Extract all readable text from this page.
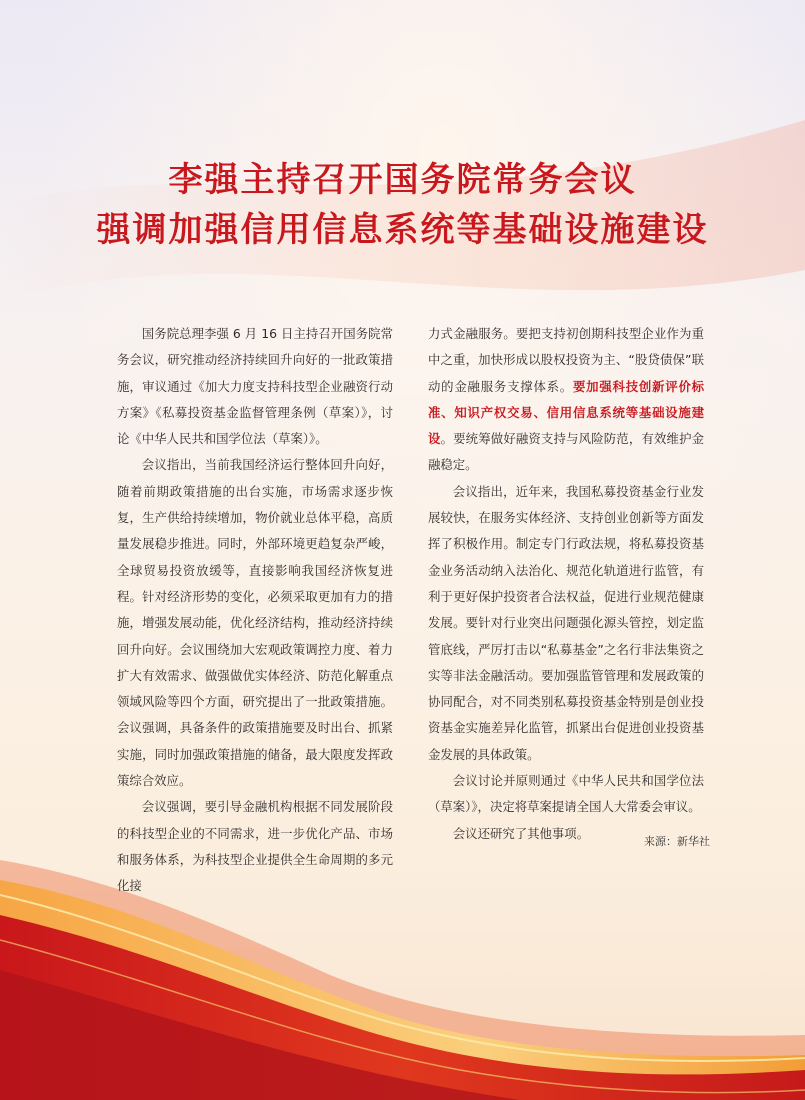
李强主持召开国务院常务会议
强调加强信用信息系统等基础设施建设

国务院总理李强 6 月 16 日主持召开国务院常务会议，研究推动经济持续回升向好的一批政策措施，审议通过《加大力度支持科技型企业融资行动方案》《私募投资基金监督管理条例（草案）》，讨论《中华人民共和国学位法（草案）》。

会议指出，当前我国经济运行整体回升向好，随着前期政策措施的出台实施，市场需求逐步恢复，生产供给持续增加，物价就业总体平稳，高质量发展稳步推进。同时，外部环境更趋复杂严峻，全球贸易投资放缓等，直接影响我国经济恢复进程。针对经济形势的变化，必须采取更加有力的措施，增强发展动能，优化经济结构，推动经济持续回升向好。会议围绕加大宏观政策调控力度、着力扩大有效需求、做强做优实体经济、防范化解重点领域风险等四个方面，研究提出了一批政策措施。会议强调，具备条件的政策措施要及时出台、抓紧实施，同时加强政策措施的储备，最大限度发挥政策综合效应。

会议强调，要引导金融机构根据不同发展阶段的科技型企业的不同需求，进一步优化产品、市场和服务体系，为科技型企业提供全生命周期的多元化接

力式金融服务。要把支持初创期科技型企业作为重中之重，加快形成以股权投资为主、“股贷债保”联动的金融服务支撑体系。要加强科技创新评价标准、知识产权交易、信用信息系统等基础设施建设。要统筹做好融资支持与风险防范，有效维护金融稳定。

会议指出，近年来，我国私募投资基金行业发展较快，在服务实体经济、支持创业创新等方面发挥了积极作用。制定专门行政法规，将私募投资基金业务活动纳入法治化、规范化轨道进行监管，有利于更好保护投资者合法权益，促进行业规范健康发展。要针对行业突出问题强化源头管控，划定监管底线，严厉打击以“私募基金”之名行非法集资之实等非法金融活动。要加强监管管理和发展政策的协同配合，对不同类别私募投资基金特别是创业投资基金实施差异化监管，抓紧出台促进创业投资基金发展的具体政策。

会议讨论并原则通过《中华人民共和国学位法（草案）》，决定将草案提请全国人大常委会审议。

会议还研究了其他事项。

来源：新华社
